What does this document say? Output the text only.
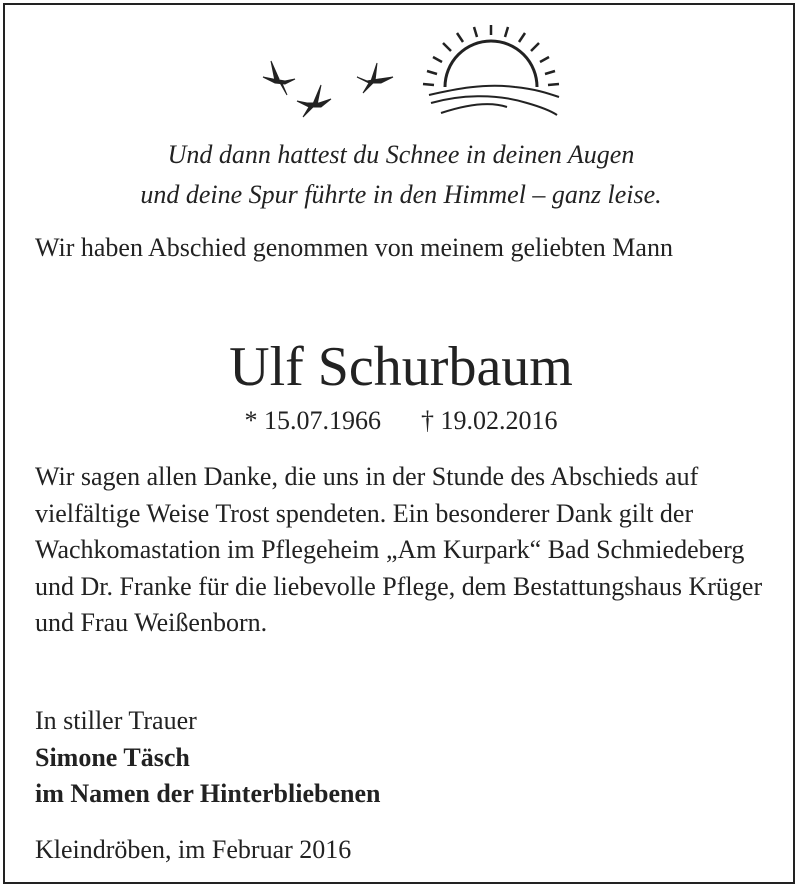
Und dann hattest du Schnee in deinen Augen
und deine Spur führte in den Himmel – ganz leise.
Wir haben Abschied genommen von meinem geliebten Mann
Ulf Schurbaum
* 15.07.1966 † 19.02.2016
Wir sagen allen Danke, die uns in der Stunde des Abschieds auf vielfältige Weise Trost spendeten. Ein besonderer Dank gilt der Wachkomastation im Pflegeheim „Am Kurpark“ Bad Schmiedeberg und Dr. Franke für die liebevolle Pflege, dem Bestattungshaus Krüger und Frau Weißenborn.
In stiller Trauer
Simone Täsch
im Namen der Hinterbliebenen
Kleindröben, im Februar 2016
